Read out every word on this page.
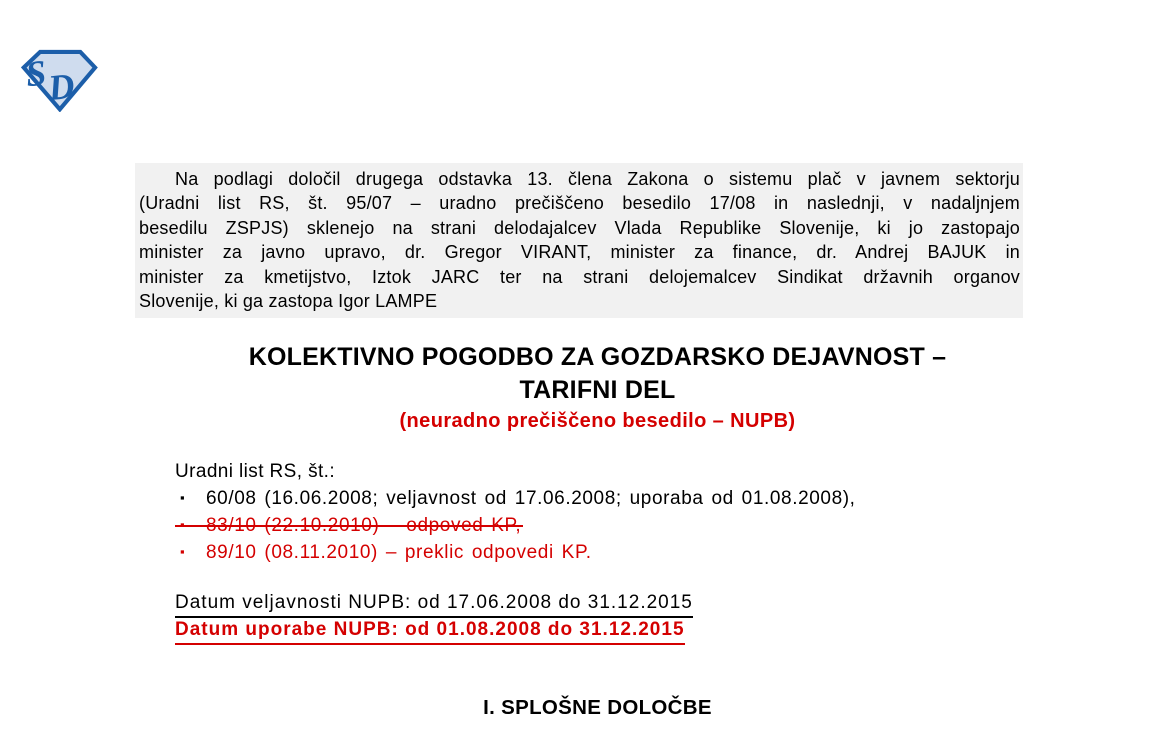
S
D
Na podlagi določil drugega odstavka 13. člena Zakona o sistemu plač v javnem sektorju
(Uradni list RS, št. 95/07 – uradno prečiščeno besedilo 17/08 in naslednji, v nadaljnjem
besedilu ZSPJS) sklenejo na strani delodajalcev Vlada Republike Slovenije, ki jo zastopajo
minister za javno upravo, dr. Gregor VIRANT, minister za finance, dr. Andrej BAJUK in
minister za kmetijstvo, Iztok JARC ter na strani delojemalcev Sindikat državnih organov
Slovenije, ki ga zastopa Igor LAMPE
KOLEKTIVNO POGODBO ZA GOZDARSKO DEJAVNOST –
TARIFNI DEL
(neuradno prečiščeno besedilo – NUPB)
Uradni list RS, št.:
▪ 60/08 (16.06.2008; veljavnost od 17.06.2008; uporaba od 01.08.2008),
▪ 83/10 (22.10.2010) – odpoved KP,
▪ 89/10 (08.11.2010) – preklic odpovedi KP.
Datum veljavnosti NUPB: od 17.06.2008 do 31.12.2015
Datum uporabe NUPB: od 01.08.2008 do 31.12.2015
I. SPLOŠNE DOLOČBE
